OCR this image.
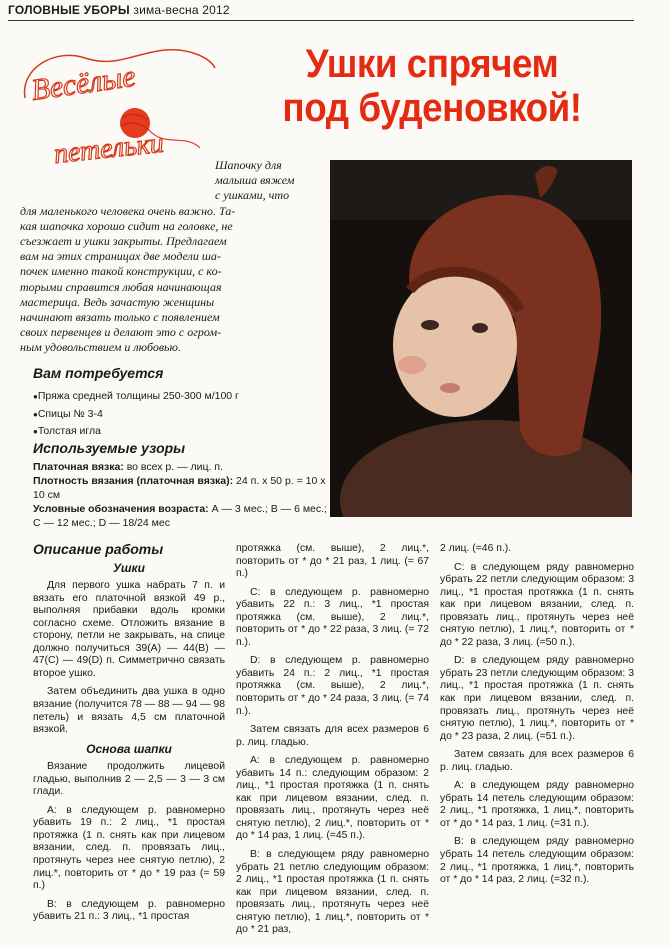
ГОЛОВНЫЕ УБОРЫ зима-весна 2012
Весёлые
петельки
Ушки спрячем
под буденовкой!

Шапочку для

малыша вяжем

с ушками, что

для маленького человека очень важно. Та-

кая шапочка хорошо сидит на головке, не

съезжает и ушки закрыты. Предлагаем

вам на этих страницах две модели ша-

почек именно такой конструкции, с ко-

торыми справится любая начинающая

мастерица. Ведь зачастую женщины

начинают вязать только с появлением

своих первенцев и делают это с огром-

ным удовольствием и любовью.

Вам потребуется
● Пряжа средней толщины 250-300 м/100 г
● Спицы № 3-4
● Толстая игла
Используемые узоры

Платочная вязка: во всех р. — лиц. п.

Плотность вязания (платочная вязка): 24 п. х 50 р. = 10 х 10 см

Условные обозначения возраста: А — 3 мес.; В — 6 мес.; С — 12 мес.; D — 18/24 мес

Описание работы
Ушки

Для первого ушка набрать 7 п. и вязать его платочной вязкой 49 р., выполняя прибавки вдоль кромки согласно схеме. Отложить вязание в сторону, петли не закрывать, на спице должно получиться 39(А) — 44(В) — 47(С) — 49(D) п. Симметрично связать второе ушко.

Затем объединить два ушка в одно вязание (получится 78 — 88 — 94 — 98 петель) и вязать 4,5 см платочной вязкой.

Основа шапки

Вязание продолжить лицевой гладью, выполнив 2 — 2,5 — 3 — 3 см глади.

А: в следующем р. равномерно убавить 19 п.: 2 лиц., *1 простая протяжка (1 п. снять как при лицевом вязании, след. п. провязать лиц., протянуть через нее снятую петлю), 2 лиц.*, повторить от * до * 19 раз (= 59 п.)

В: в следующем р. равномерно убавить 21 п.: 3 лиц., *1 простая

протяжка (см. выше), 2 лиц.*, повторить от * до * 21 раз, 1 лиц. (= 67 п.)

С: в следующем р. равномерно убавить 22 п.: 3 лиц., *1 простая протяжка (см. выше), 2 лиц.*, повторить от * до * 22 раза, 3 лиц. (= 72 п.).

D: в следующем р. равномерно убавить 24 п.: 2 лиц., *1 простая протяжка (см. выше), 2 лиц.*, повторить от * до * 24 раза, 3 лиц. (= 74 п.).

Затем связать для всех размеров 6 р. лиц. гладью.

А: в следующем р. равномерно убавить 14 п.: следующим образом: 2 лиц., *1 простая протяжка (1 п. снять как при лицевом вязании, след. п. провязать лиц., протянуть через неё снятую петлю), 2 лиц.*, повторить от * до * 14 раз, 1 лиц. (=45 п.).

В: в следующем ряду равномерно убрать 21 петлю следующим образом: 2 лиц., *1 простая протяжка (1 п. снять как при лицевом вязании, след. п. провязать лиц., протянуть через неё снятую петлю), 1 лиц.*, повторить от * до * 21 раз,

2 лиц. (=46 п.).

С: в следующем ряду равномерно убрать 22 петли следующим образом: 3 лиц., *1 простая протяжка (1 п. снять как при лицевом вязании, след. п. провязать лиц., протянуть через неё снятую петлю), 1 лиц.*, повторить от * до * 22 раза, 3 лиц. (=50 п.).

D: в следующем ряду равномерно убрать 23 петли следующим образом: 3 лиц., *1 простая протяжка (1 п. снять как при лицевом вязании, след. п. провязать лиц., протянуть через неё снятую петлю), 1 лиц.*, повторить от * до * 23 раза, 2 лиц. (=51 п.).

Затем связать для всех размеров 6 р. лиц. гладью.

А: в следующем ряду равномерно убрать 14 петель следующим образом: 2 лиц., *1 протяжка, 1 лиц.*, повторить от * до * 14 раз, 1 лиц. (=31 п.).

В: в следующем ряду равномерно убрать 14 петель следующим образом: 2 лиц., *1 протяжка, 1 лиц.*, повторить от * до * 14 раз, 2 лиц. (=32 п.).
